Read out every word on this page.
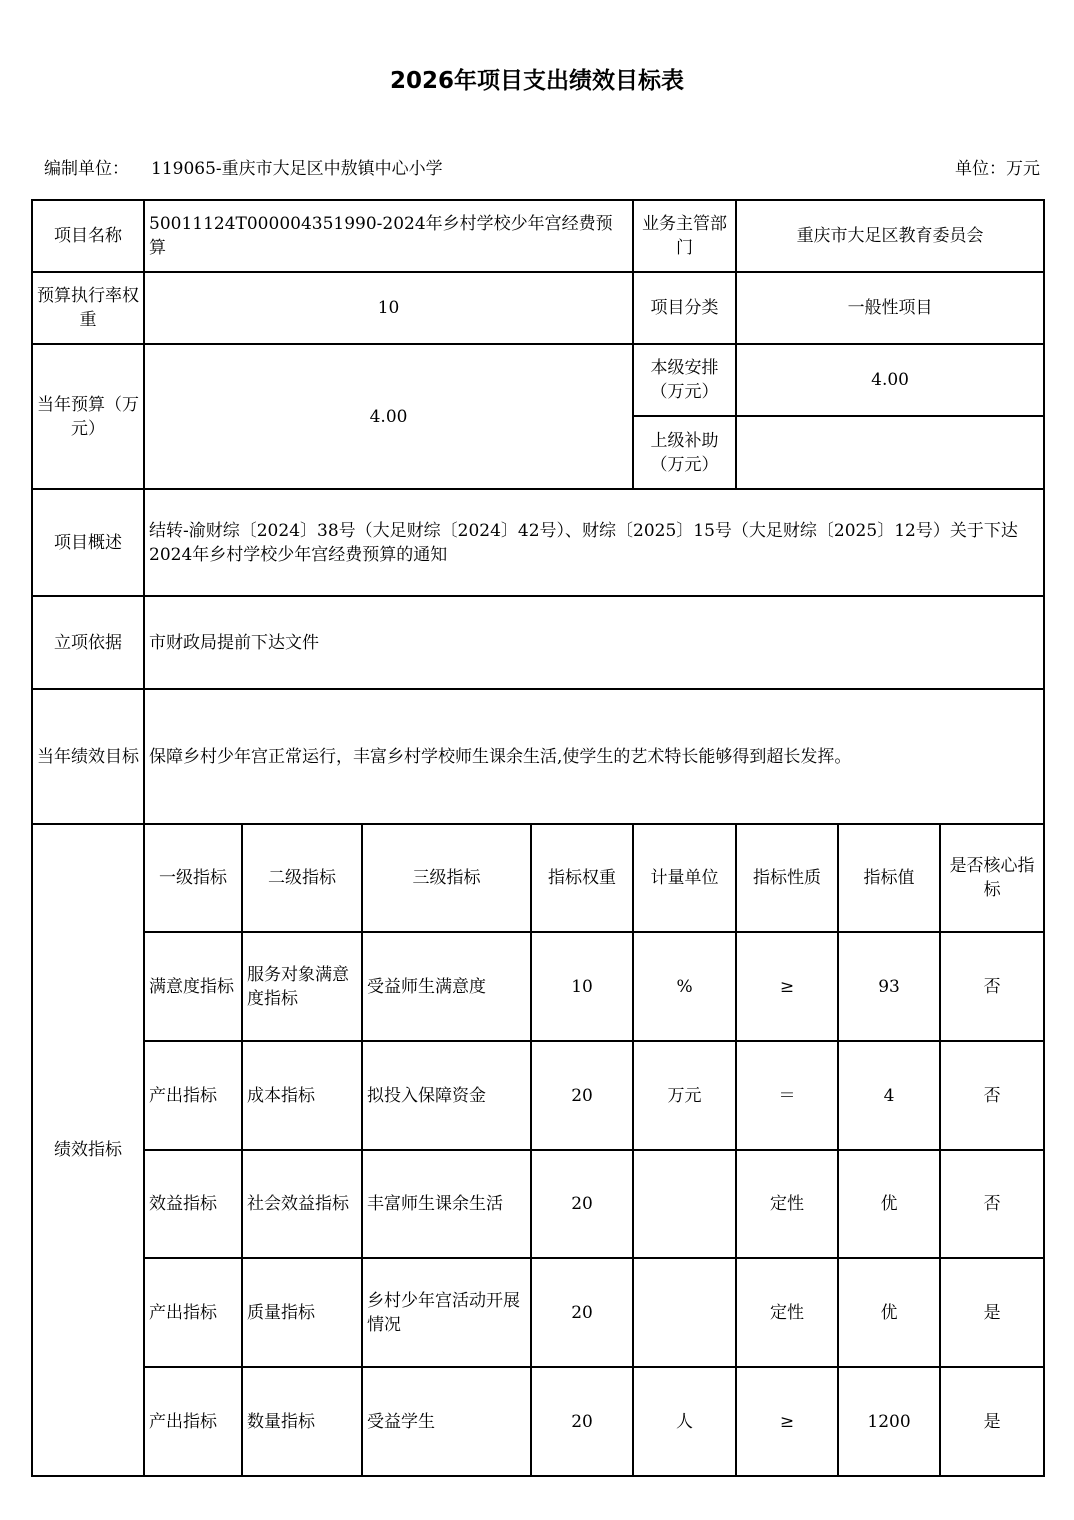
2026年项目支出绩效目标表
编制单位： 119065-重庆市大足区中敖镇中心小学	单位：万元
项目名称	50011124T000004351990-2024年乡村学校少年宫经费预算				业务主管部门	重庆市大足区教育委员会		
预算执行率权重	10				项目分类	一般性项目		
当年预算（万元）	4.00				本级安排（万元）	4.00		
					上级补助（万元）			
项目概述	结转-渝财综〔2024〕38号（大足财综〔2024〕42号）、财综〔2025〕15号（大足财综〔2025〕12号）关于下达2024年乡村学校少年宫经费预算的通知							
立项依据	市财政局提前下达文件							
当年绩效目标	保障乡村少年宫正常运行，丰富乡村学校师生课余生活,使学生的艺术特长能够得到超长发挥。							
绩效指标	一级指标	二级指标	三级指标	指标权重	计量单位	指标性质	指标值	是否核心指标
	满意度指标	服务对象满意度指标	受益师生满意度	10	%	≥	93	否
	产出指标	成本指标	拟投入保障资金	20	万元	＝	4	否
	效益指标	社会效益指标	丰富师生课余生活	20		定性	优	否
	产出指标	质量指标	乡村少年宫活动开展情况	20		定性	优	是
	产出指标	数量指标	受益学生	20	人	≥	1200	是
